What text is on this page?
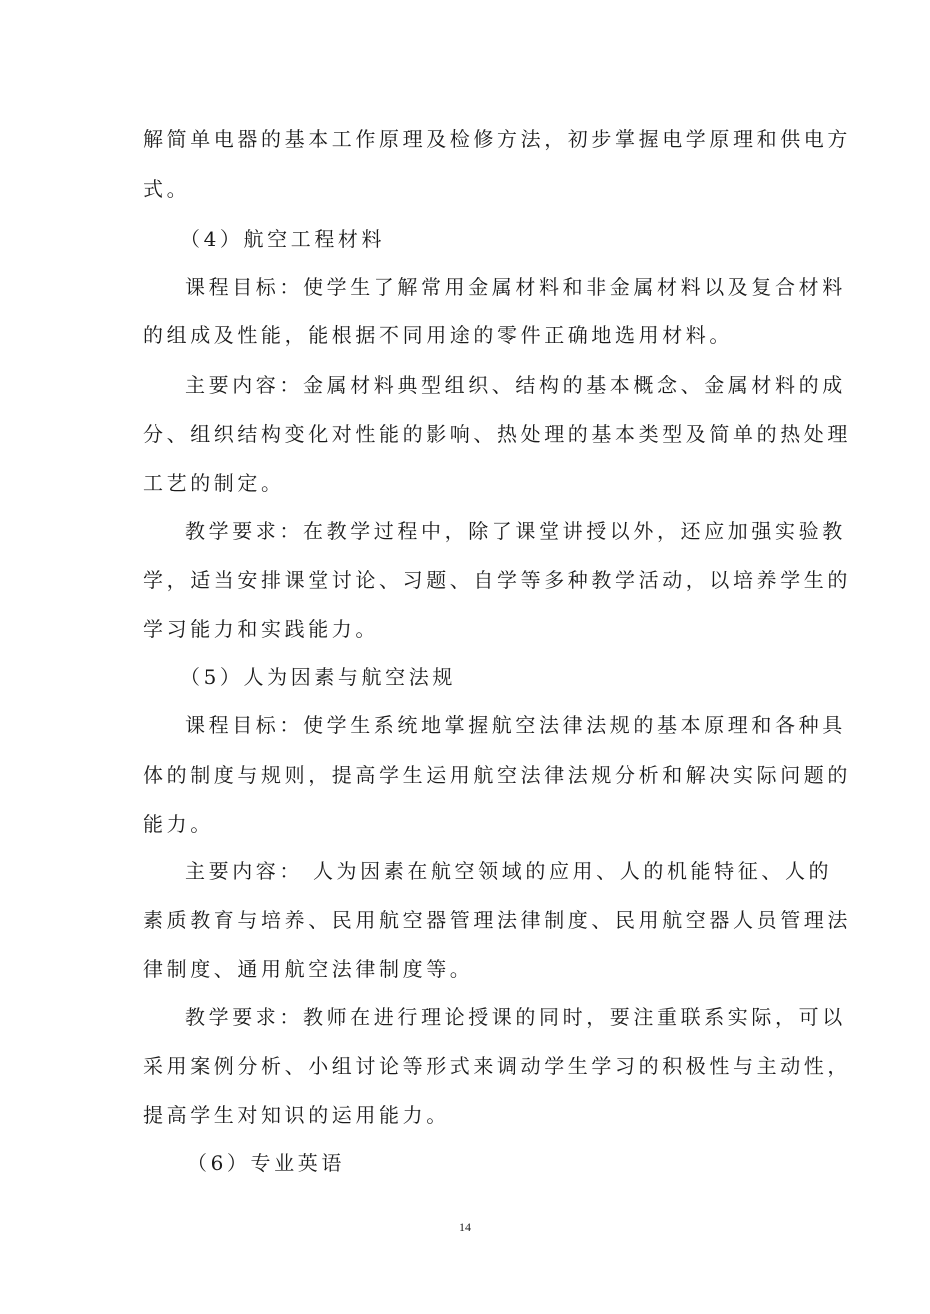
解简单电器的基本工作原理及检修方法，初步掌握电学原理和供电方

式。

（4）航空工程材料

课程目标：使学生了解常用金属材料和非金属材料以及复合材料

的组成及性能，能根据不同用途的零件正确地选用材料。

主要内容：金属材料典型组织、结构的基本概念、金属材料的成

分、组织结构变化对性能的影响、热处理的基本类型及简单的热处理

工艺的制定。

教学要求：在教学过程中，除了课堂讲授以外，还应加强实验教

学，适当安排课堂讨论、习题、自学等多种教学活动，以培养学生的

学习能力和实践能力。

（5）人为因素与航空法规

课程目标：使学生系统地掌握航空法律法规的基本原理和各种具

体的制度与规则，提高学生运用航空法律法规分析和解决实际问题的

能力。

主要内容： 人为因素在航空领域的应用、人的机能特征、人的

素质教育与培养、民用航空器管理法律制度、民用航空器人员管理法

律制度、通用航空法律制度等。

教学要求：教师在进行理论授课的同时，要注重联系实际，可以

采用案例分析、小组讨论等形式来调动学生学习的积极性与主动性，

提高学生对知识的运用能力。

（6）专业英语

14
